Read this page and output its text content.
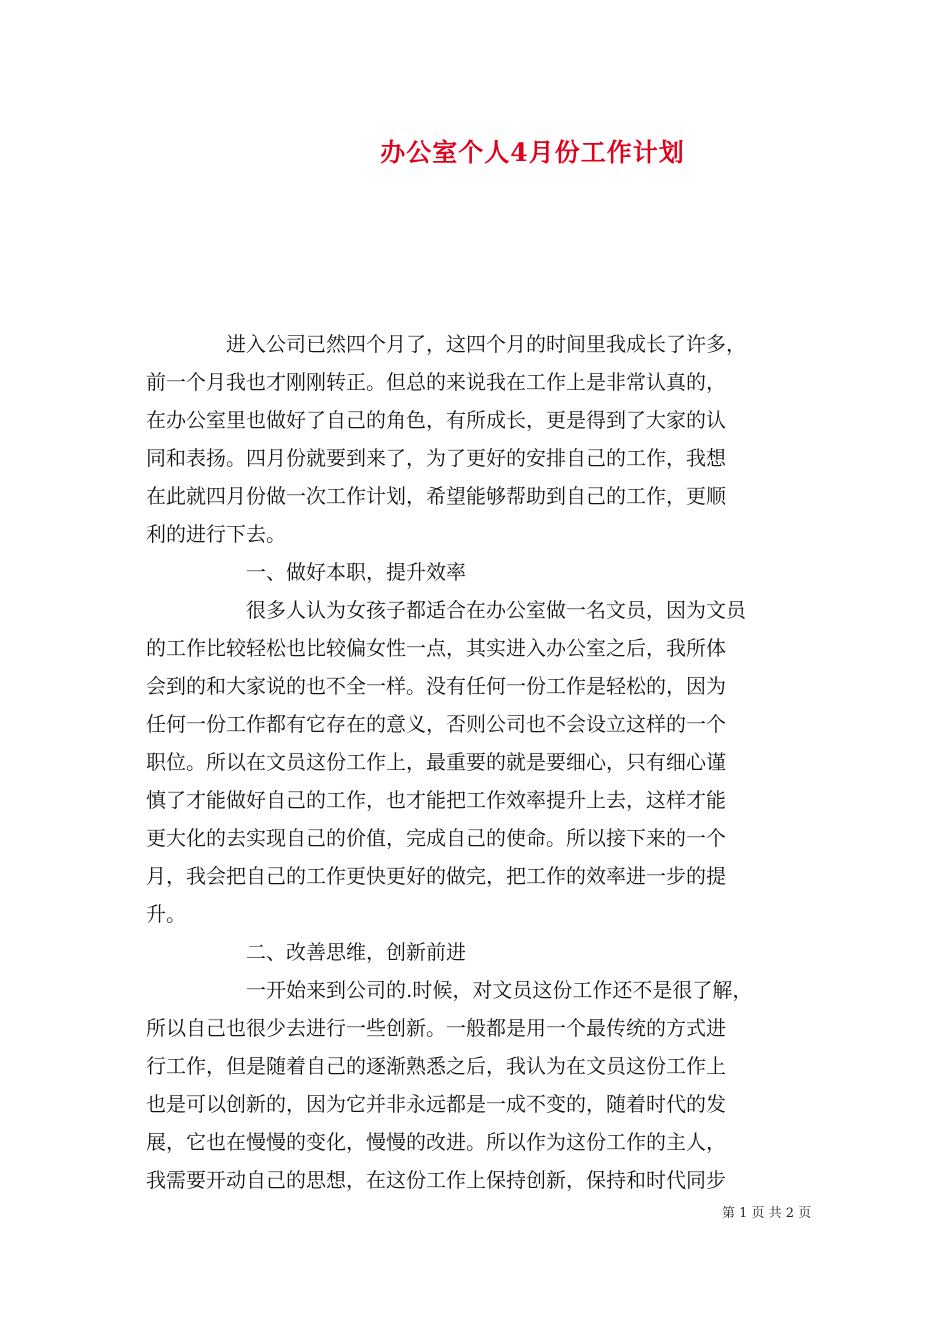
办公室个人4月份工作计划
　　　　进入公司已然四个月了，这四个月的时间里我成长了许多，
前一个月我也才刚刚转正。但总的来说我在工作上是非常认真的，
在办公室里也做好了自己的角色，有所成长，更是得到了大家的认
同和表扬。四月份就要到来了，为了更好的安排自己的工作，我想
在此就四月份做一次工作计划，希望能够帮助到自己的工作，更顺
利的进行下去。
　　　　　一、做好本职，提升效率
　　　　　很多人认为女孩子都适合在办公室做一名文员，因为文员
的工作比较轻松也比较偏女性一点，其实进入办公室之后，我所体
会到的和大家说的也不全一样。没有任何一份工作是轻松的，因为
任何一份工作都有它存在的意义，否则公司也不会设立这样的一个
职位。所以在文员这份工作上，最重要的就是要细心，只有细心谨
慎了才能做好自己的工作，也才能把工作效率提升上去，这样才能
更大化的去实现自己的价值，完成自己的使命。所以接下来的一个
月，我会把自己的工作更快更好的做完，把工作的效率进一步的提
升。
　　　　　二、改善思维，创新前进
　　　　　一开始来到公司的.时候，对文员这份工作还不是很了解，
所以自己也很少去进行一些创新。一般都是用一个最传统的方式进
行工作，但是随着自己的逐渐熟悉之后，我认为在文员这份工作上
也是可以创新的，因为它并非永远都是一成不变的，随着时代的发
展，它也在慢慢的变化，慢慢的改进。所以作为这份工作的主人，
我需要开动自己的思想，在这份工作上保持创新，保持和时代同步
第 1 页 共 2 页
